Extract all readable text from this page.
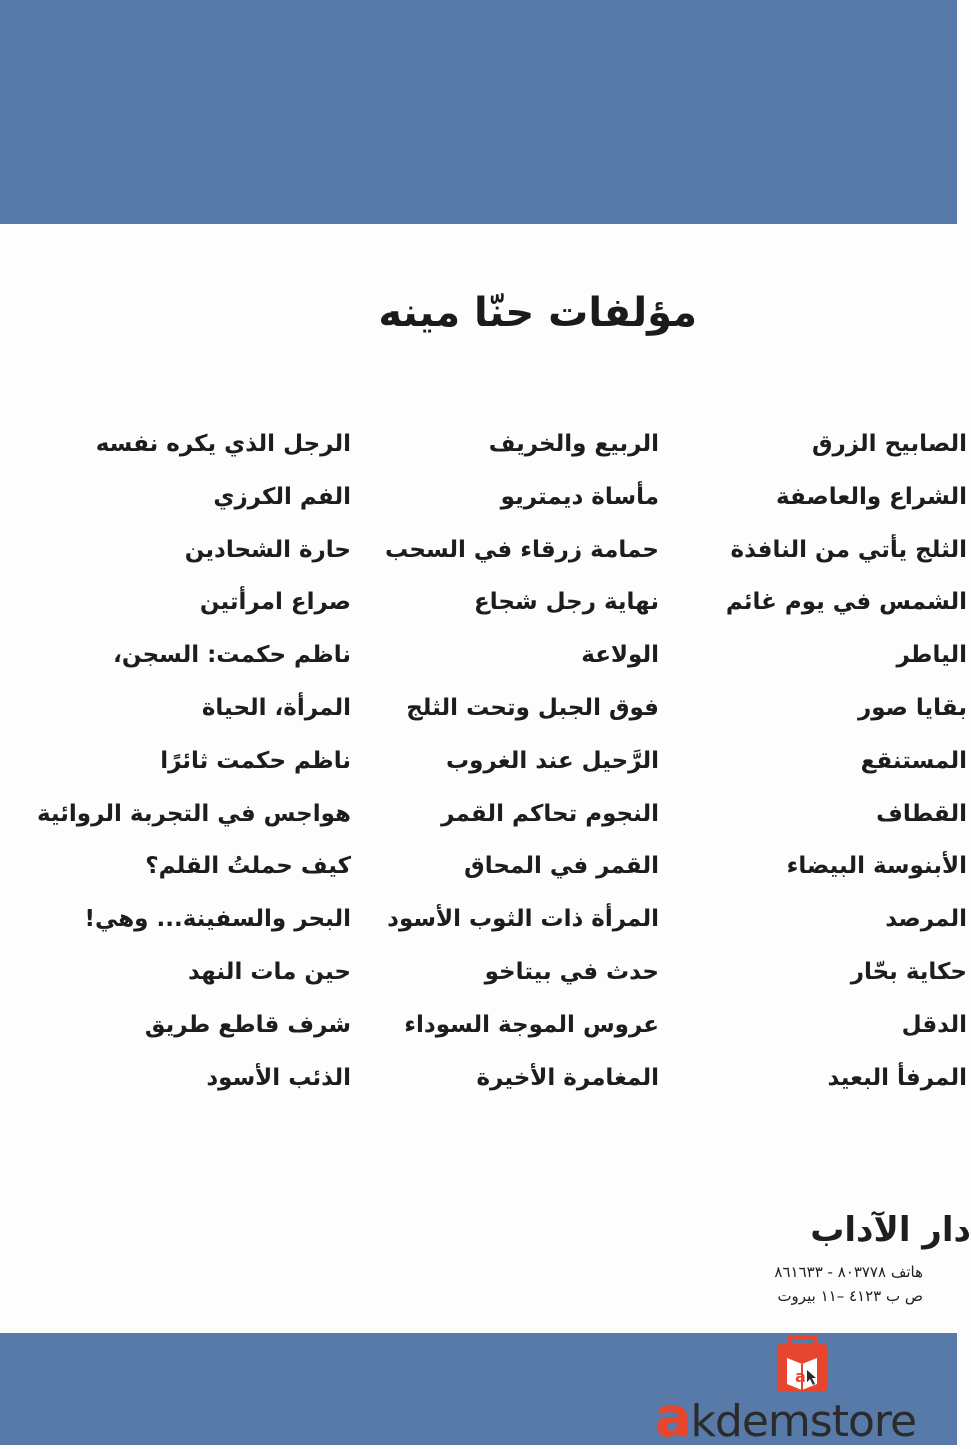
مؤلفات حنّا مينه
الصابيح الزرق
الشراع والعاصفة
الثلج يأتي من النافذة
الشمس في يوم غائم
الياطر
بقايا صور
المستنقع
القطاف
الأبنوسة البيضاء
المرصد
حكاية بحّار
الدقل
المرفأ البعيد
الربيع والخريف
مأساة ديمتريو
حمامة زرقاء في السحب
نهاية رجل شجاع
الولاعة
فوق الجبل وتحت الثلج
الرَّحيل عند الغروب
النجوم تحاكم القمر
القمر في المحاق
المرأة ذات الثوب الأسود
حدث في بيتاخو
عروس الموجة السوداء
المغامرة الأخيرة
الرجل الذي يكره نفسه
الفم الكرزي
حارة الشحادين
صراع امرأتين
ناظم حكمت: السجن،
المرأة، الحياة
ناظم حكمت ثائرًا
هواجس في التجربة الروائية
كيف حملتُ القلم؟
البحر والسفينة... وهي!
حين مات النهد
شرف قاطع طريق
الذئب الأسود
دار الآداب
هاتف ٨٠٣٧٧٨ - ٨٦١٦٣٣
ص ب ٤١٢٣ –١١ بيروت
a
akdemstore
